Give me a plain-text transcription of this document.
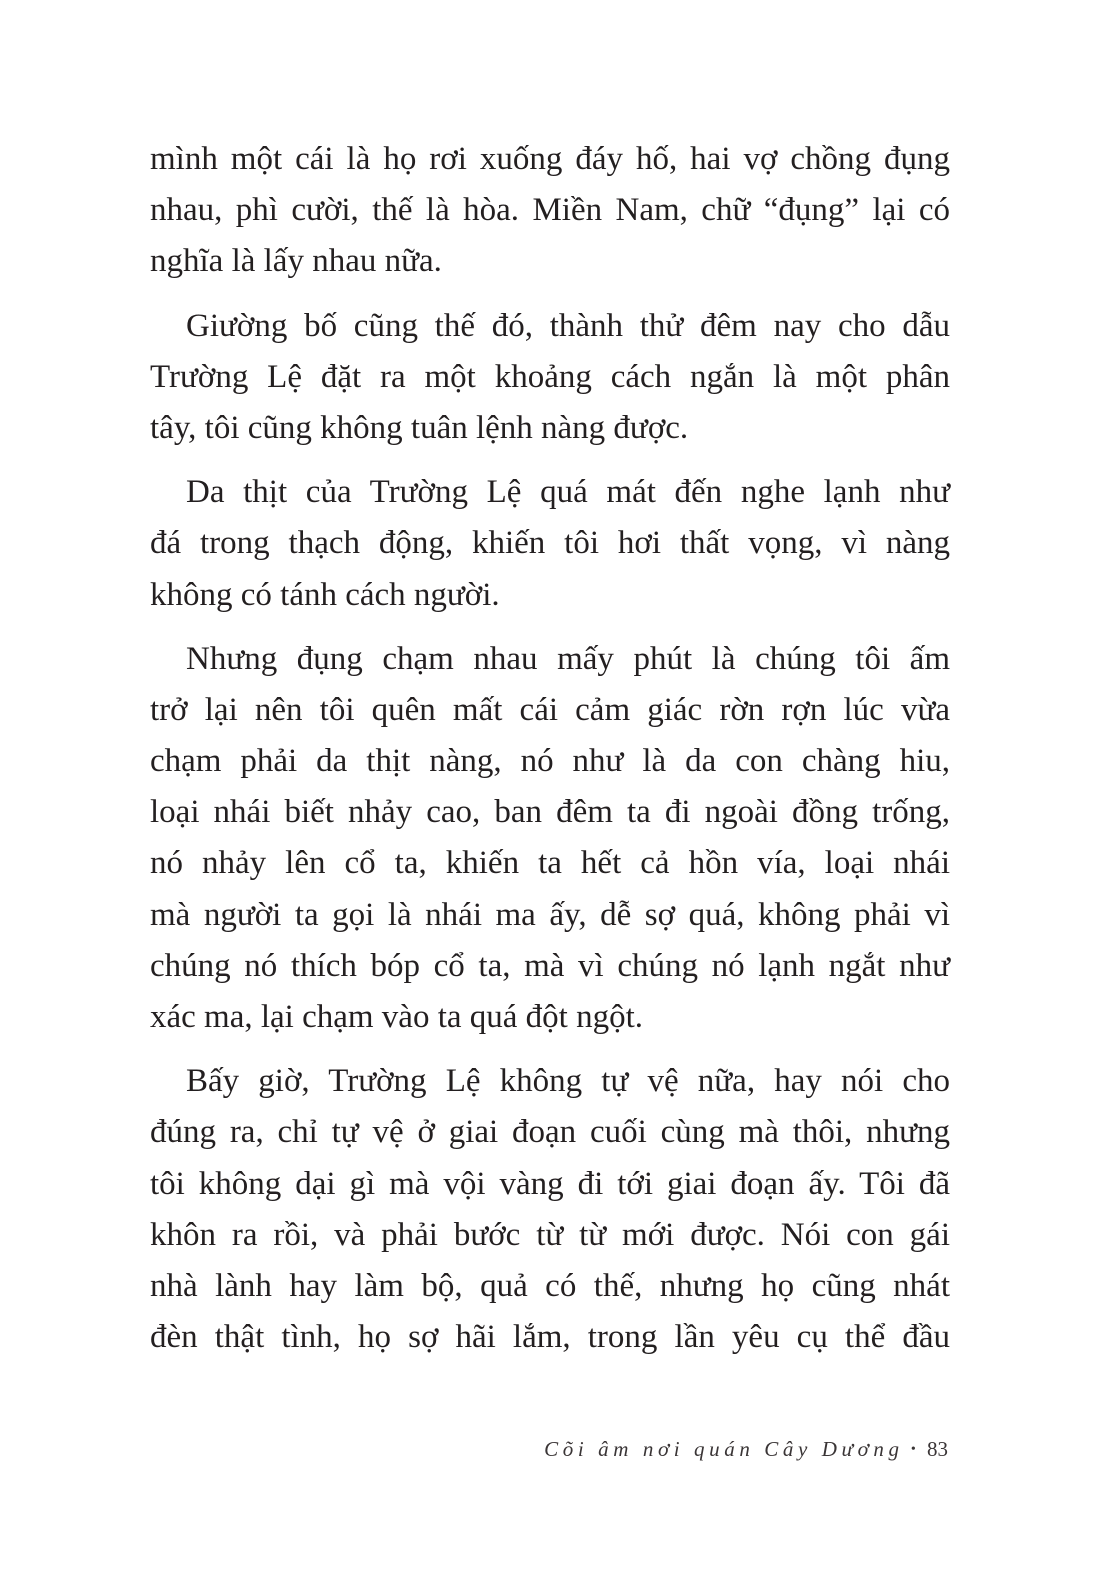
mình một cái là họ rơi xuống đáy hố, hai vợ chồng đụng
nhau, phì cười, thế là hòa. Miền Nam, chữ “đụng” lại có
nghĩa là lấy nhau nữa.
Giường bố cũng thế đó, thành thử đêm nay cho dẫu
Trường Lệ đặt ra một khoảng cách ngắn là một phân
tây, tôi cũng không tuân lệnh nàng được.
Da thịt của Trường Lệ quá mát đến nghe lạnh như
đá trong thạch động, khiến tôi hơi thất vọng, vì nàng
không có tánh cách người.
Nhưng đụng chạm nhau mấy phút là chúng tôi ấm
trở lại nên tôi quên mất cái cảm giác rờn rợn lúc vừa
chạm phải da thịt nàng, nó như là da con chàng hiu,
loại nhái biết nhảy cao, ban đêm ta đi ngoài đồng trống,
nó nhảy lên cổ ta, khiến ta hết cả hồn vía, loại nhái
mà người ta gọi là nhái ma ấy, dễ sợ quá, không phải vì
chúng nó thích bóp cổ ta, mà vì chúng nó lạnh ngắt như
xác ma, lại chạm vào ta quá đột ngột.
Bấy giờ, Trường Lệ không tự vệ nữa, hay nói cho
đúng ra, chỉ tự vệ ở giai đoạn cuối cùng mà thôi, nhưng
tôi không dại gì mà vội vàng đi tới giai đoạn ấy. Tôi đã
khôn ra rồi, và phải bước từ từ mới được. Nói con gái
nhà lành hay làm bộ, quả có thế, nhưng họ cũng nhát
đèn thật tình, họ sợ hãi lắm, trong lần yêu cụ thể đầu
Cõi âm nơi quán Cây Dương • 83
